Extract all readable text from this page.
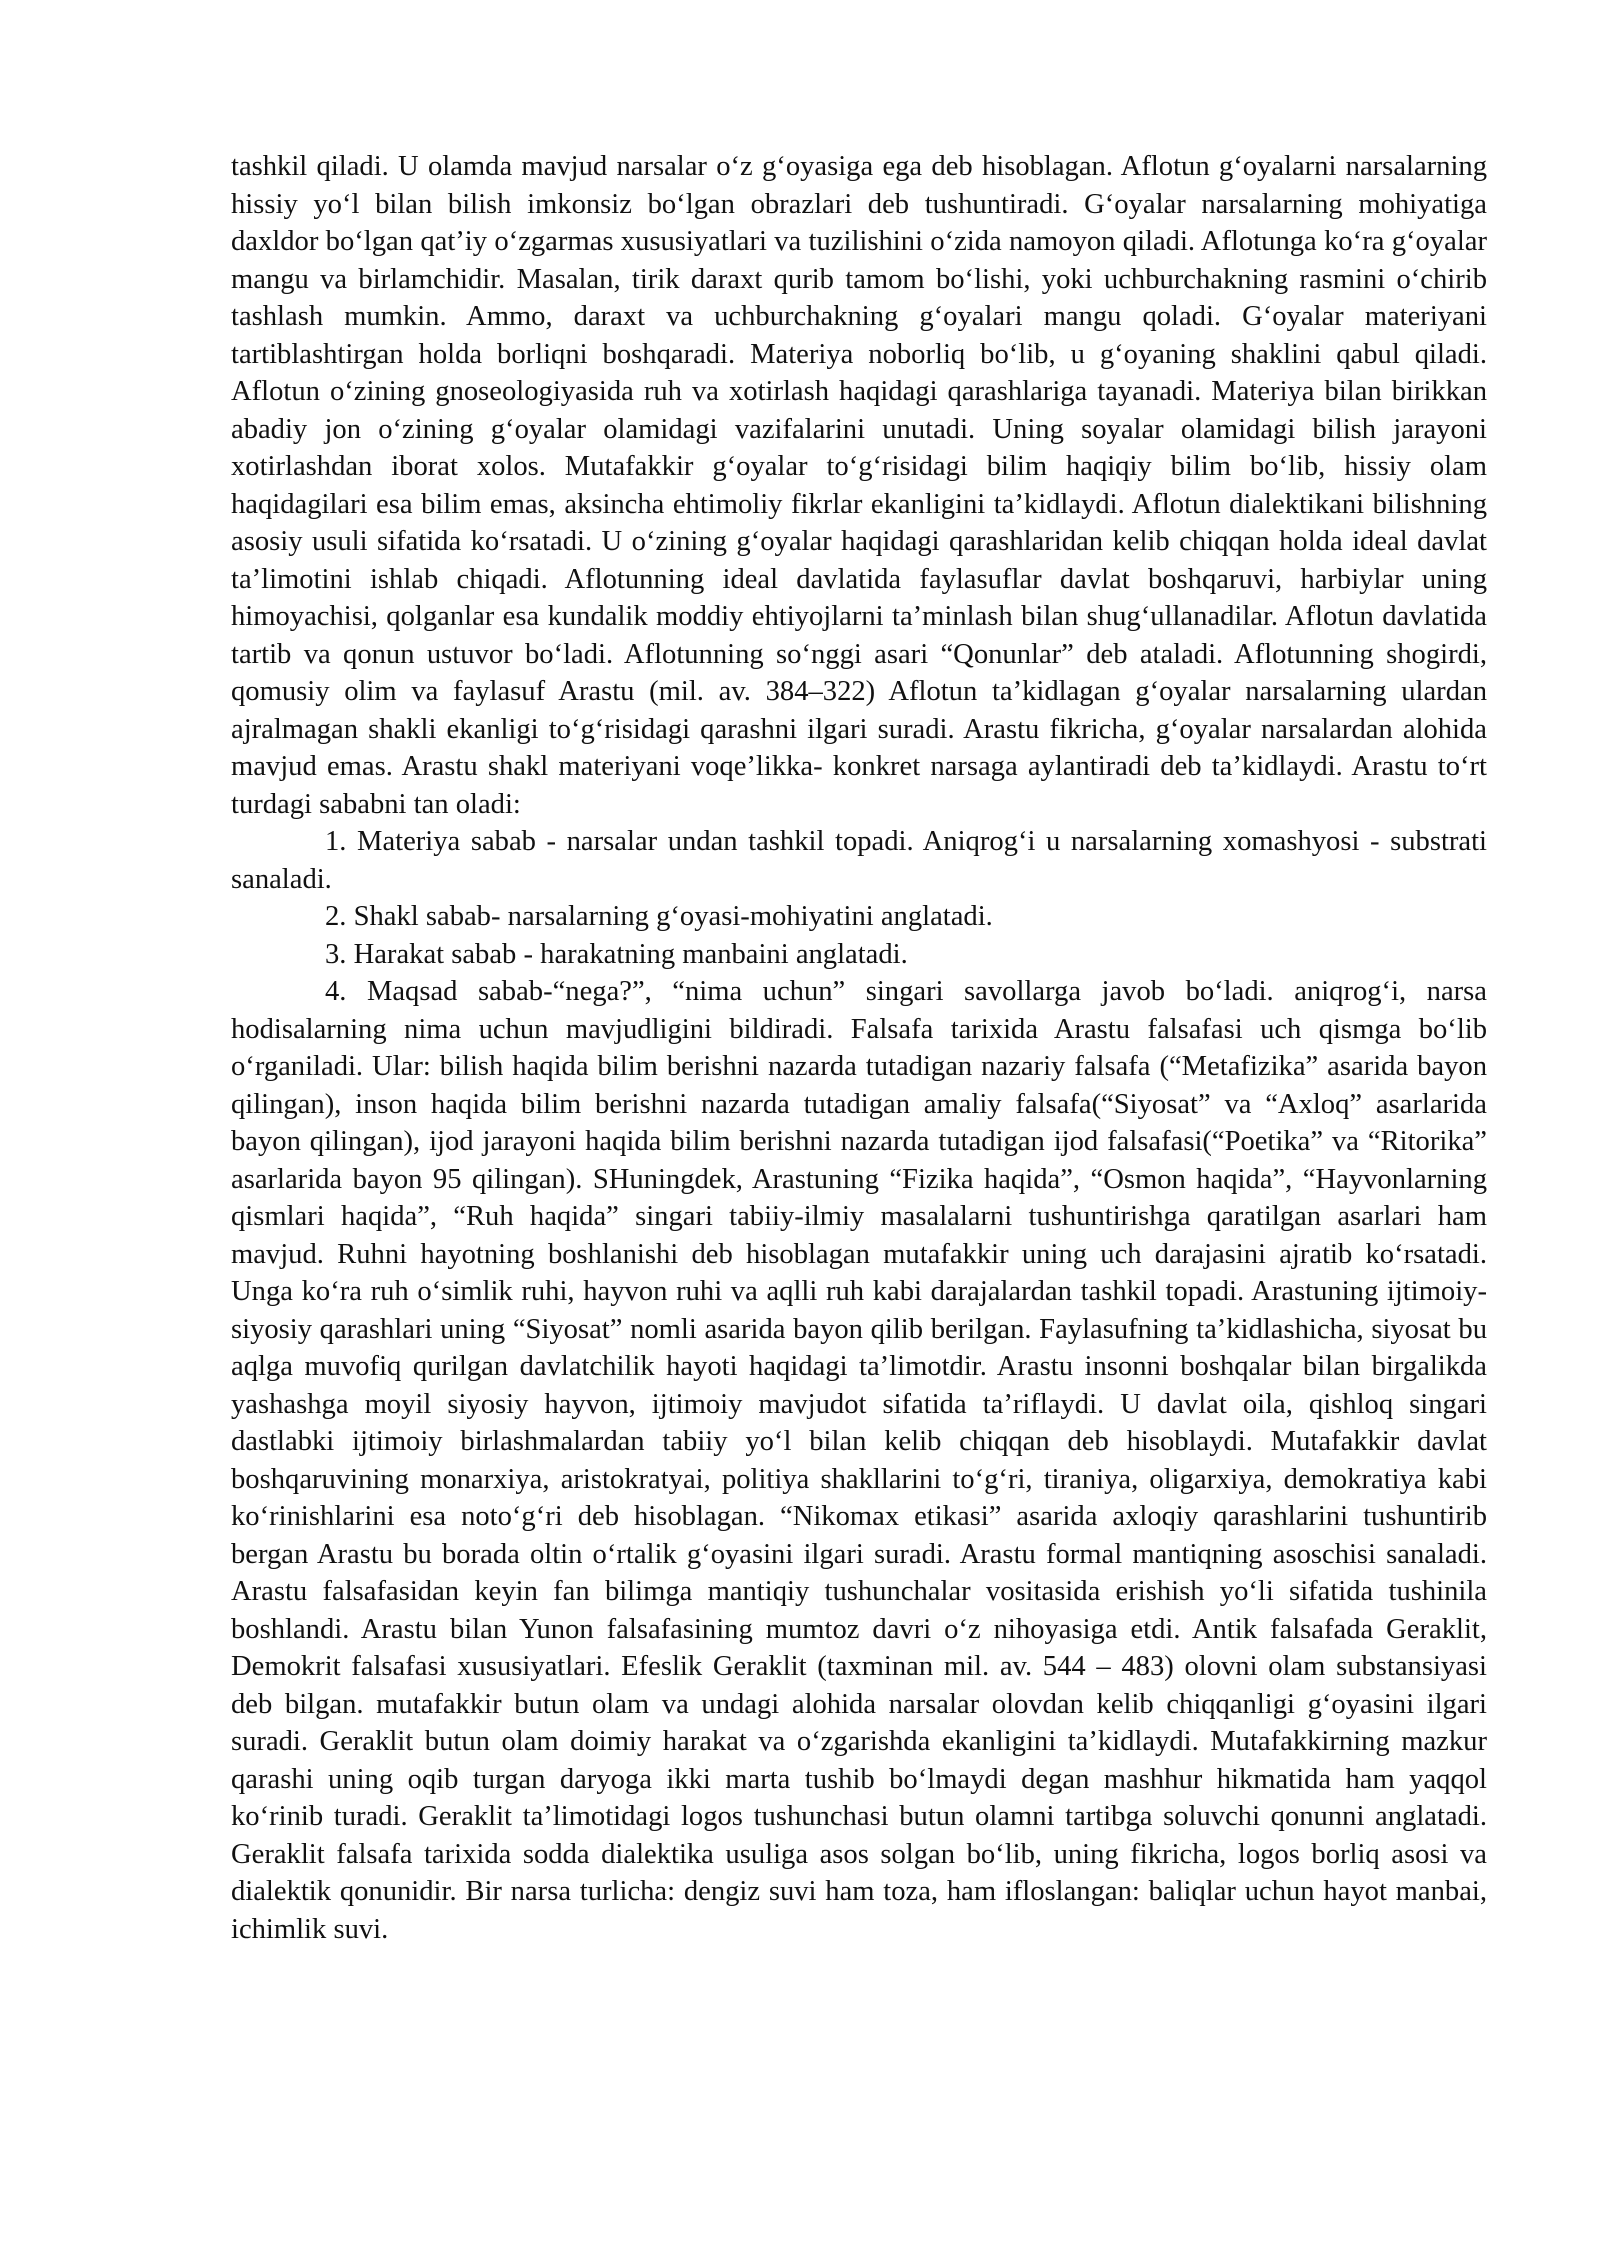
tashkil qiladi. U olamda mavjud narsalar o‘z g‘oyasiga ega deb hisoblagan. Aflotun g‘oyalarni narsalarning hissiy yo‘l bilan bilish imkonsiz bo‘lgan obrazlari deb tushuntiradi. G‘oyalar narsalarning mohiyatiga daxldor bo‘lgan qat’iy o‘zgarmas xususiyatlari va tuzilishini o‘zida namoyon qiladi. Aflotunga ko‘ra g‘oyalar mangu va birlamchidir. Masalan, tirik daraxt qurib tamom bo‘lishi, yoki uchburchakning rasmini o‘chirib tashlash mumkin. Ammo, daraxt va uchburchakning g‘oyalari mangu qoladi. G‘oyalar materiyani tartiblashtirgan holda borliqni boshqaradi. Materiya noborliq bo‘lib, u g‘oyaning shaklini qabul qiladi. Aflotun o‘zining gnoseologiyasida ruh va xotirlash haqidagi qarashlariga tayanadi. Materiya bilan birikkan abadiy jon o‘zining g‘oyalar olamidagi vazifalarini unutadi. Uning soyalar olamidagi bilish jarayoni xotirlashdan iborat xolos. Mutafakkir g‘oyalar to‘g‘risidagi bilim haqiqiy bilim bo‘lib, hissiy olam haqidagilari esa bilim emas, aksincha ehtimoliy fikrlar ekanligini ta’kidlaydi. Aflotun dialektikani bilishning asosiy usuli sifatida ko‘rsatadi. U o‘zining g‘oyalar haqidagi qarashlaridan kelib chiqqan holda ideal davlat ta’limotini ishlab chiqadi. Aflotunning ideal davlatida faylasuflar davlat boshqaruvi, harbiylar uning himoyachisi, qolganlar esa kundalik moddiy ehtiyojlarni ta’minlash bilan shug‘ullanadilar. Aflotun davlatida tartib va qonun ustuvor bo‘ladi. Aflotunning so‘nggi asari “Qonunlar” deb ataladi. Aflotunning shogirdi, qomusiy olim va faylasuf Arastu (mil. av. 384–322) Aflotun ta’kidlagan g‘oyalar narsalarning ulardan ajralmagan shakli ekanligi to‘g‘risidagi qarashni ilgari suradi. Arastu fikricha, g‘oyalar narsalardan alohida mavjud emas. Arastu shakl materiyani voqe’likka- konkret narsaga aylantiradi deb ta’kidlaydi. Arastu to‘rt turdagi sababni tan oladi:

1. Materiya sabab - narsalar undan tashkil topadi. Aniqrog‘i u narsalarning xomashyosi - substrati sanaladi.

2. Shakl sabab- narsalarning g‘oyasi-mohiyatini anglatadi.

3. Harakat sabab - harakatning manbaini anglatadi.

4. Maqsad sabab-“nega?”, “nima uchun” singari savollarga javob bo‘ladi. aniqrog‘i, narsa hodisalarning nima uchun mavjudligini bildiradi. Falsafa tarixida Arastu falsafasi uch qismga bo‘lib o‘rganiladi. Ular: bilish haqida bilim berishni nazarda tutadigan nazariy falsafa (“Metafizika” asarida bayon qilingan), inson haqida bilim berishni nazarda tutadigan amaliy falsafa(“Siyosat” va “Axloq” asarlarida bayon qilingan), ijod jarayoni haqida bilim berishni nazarda tutadigan ijod falsafasi(“Poetika” va “Ritorika” asarlarida bayon 95 qilingan). SHuningdek, Arastuning “Fizika haqida”, “Osmon haqida”, “Hayvonlarning qismlari haqida”, “Ruh haqida” singari tabiiy-ilmiy masalalarni tushuntirishga qaratilgan asarlari ham mavjud. Ruhni hayotning boshlanishi deb hisoblagan mutafakkir uning uch darajasini ajratib ko‘rsatadi. Unga ko‘ra ruh o‘simlik ruhi, hayvon ruhi va aqlli ruh kabi darajalardan tashkil topadi. Arastuning ijtimoiy-siyosiy qarashlari uning “Siyosat” nomli asarida bayon qilib berilgan. Faylasufning ta’kidlashicha, siyosat bu aqlga muvofiq qurilgan davlatchilik hayoti haqidagi ta’limotdir. Arastu insonni boshqalar bilan birgalikda yashashga moyil siyosiy hayvon, ijtimoiy mavjudot sifatida ta’riflaydi. U davlat oila, qishloq singari dastlabki ijtimoiy birlashmalardan tabiiy yo‘l bilan kelib chiqqan deb hisoblaydi. Mutafakkir davlat boshqaruvining monarxiya, aristokratyai, politiya shakllarini to‘g‘ri, tiraniya, oligarxiya, demokratiya kabi ko‘rinishlarini esa noto‘g‘ri deb hisoblagan. “Nikomax etikasi” asarida axloqiy qarashlarini tushuntirib bergan Arastu bu borada oltin o‘rtalik g‘oyasini ilgari suradi. Arastu formal mantiqning asoschisi sanaladi. Arastu falsafasidan keyin fan bilimga mantiqiy tushunchalar vositasida erishish yo‘li sifatida tushinila boshlandi. Arastu bilan Yunon falsafasining mumtoz davri o‘z nihoyasiga etdi. Antik falsafada Geraklit, Demokrit falsafasi xususiyatlari. Efeslik Geraklit (taxminan mil. av. 544 – 483) olovni olam substansiyasi deb bilgan. mutafakkir butun olam va undagi alohida narsalar olovdan kelib chiqqanligi g‘oyasini ilgari suradi. Geraklit butun olam doimiy harakat va o‘zgarishda ekanligini ta’kidlaydi. Mutafakkirning mazkur qarashi uning oqib turgan daryoga ikki marta tushib bo‘lmaydi degan mashhur hikmatida ham yaqqol ko‘rinib turadi. Geraklit ta’limotidagi logos tushunchasi butun olamni tartibga soluvchi qonunni anglatadi. Geraklit falsafa tarixida sodda dialektika usuliga asos solgan bo‘lib, uning fikricha, logos borliq asosi va dialektik qonunidir. Bir narsa turlicha: dengiz suvi ham toza, ham ifloslangan: baliqlar uchun hayot manbai, ichimlik suvi.
